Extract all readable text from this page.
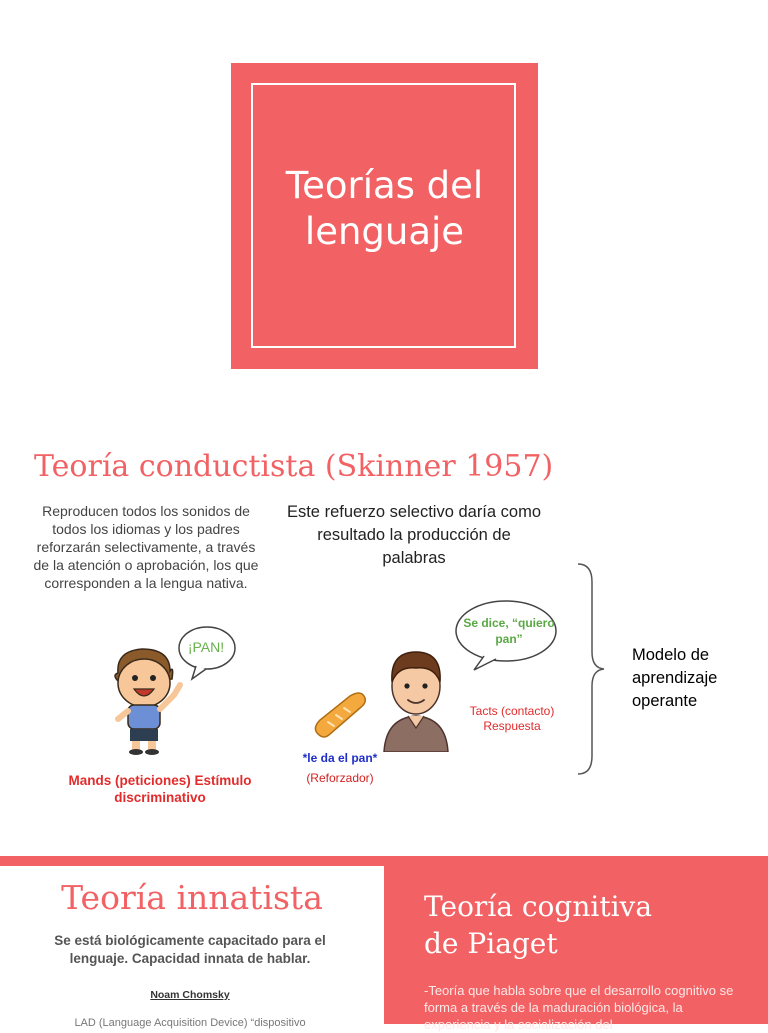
Teorías del
lenguaje
Teoría conductista (Skinner 1957)
Reproducen todos los sonidos de todos los idiomas y los padres reforzarán selectivamente, a través de la atención o aprobación, los que corresponden a la lengua nativa.
Este refuerzo selectivo daría como resultado la producción de palabras
Modelo de aprendizaje operante
¡PAN!
Se dice, “quiero pan”
Mands (peticiones) Estímulo discriminativo
Tacts (contacto) Respuesta
*le da el pan*
(Reforzador)
Teoría innatista
Se está biológicamente capacitado para el lenguaje. Capacidad innata de hablar.
Noam Chomsky
LAD (Language Acquisition Device) “dispositivo
Teoría cognitiva
de Piaget
-Teoría que habla sobre que el desarrollo cognitivo se forma a través de la maduración biológica, la experiencia y la socialización del
